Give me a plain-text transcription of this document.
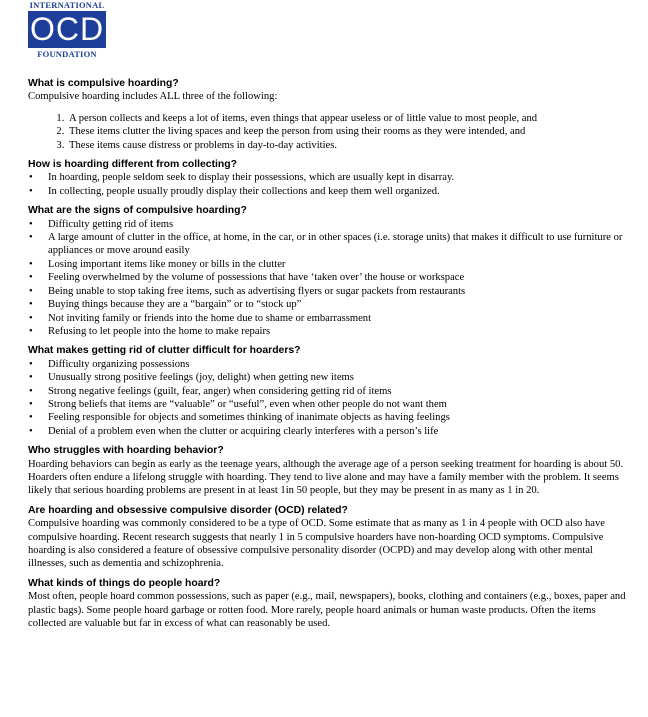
INTERNATIONAL
OCD
FOUNDATION
What is compulsive hoarding?

Compulsive hoarding includes ALL three of the following:

1. A person collects and keeps a lot of items, even things that appear useless or of little value to most people, and
2. These items clutter the living spaces and keep the person from using their rooms as they were intended, and
3. These items cause distress or problems in day-to-day activities.
How is hoarding different from collecting?
• In hoarding, people seldom seek to display their possessions, which are usually kept in disarray.
• In collecting, people usually proudly display their collections and keep them well organized.
What are the signs of compulsive hoarding?
• Difficulty getting rid of items
• A large amount of clutter in the office, at home, in the car, or in other spaces (i.e. storage units) that makes it difficult to use furniture or appliances or move around easily
• Losing important items like money or bills in the clutter
• Feeling overwhelmed by the volume of possessions that have ‘taken over’ the house or workspace
• Being unable to stop taking free items, such as advertising flyers or sugar packets from restaurants
• Buying things because they are a “bargain” or to “stock up”
• Not inviting family or friends into the home due to shame or embarrassment
• Refusing to let people into the home to make repairs
What makes getting rid of clutter difficult for hoarders?
• Difficulty organizing possessions
• Unusually strong positive feelings (joy, delight) when getting new items
• Strong negative feelings (guilt, fear, anger) when considering getting rid of items
• Strong beliefs that items are “valuable” or “useful”, even when other people do not want them
• Feeling responsible for objects and sometimes thinking of inanimate objects as having feelings
• Denial of a problem even when the clutter or acquiring clearly interferes with a person’s life
Who struggles with hoarding behavior?

Hoarding behaviors can begin as early as the teenage years, although the average age of a person seeking treatment for hoarding is about 50. Hoarders often endure a lifelong struggle with hoarding. They tend to live alone and may have a family member with the problem. It seems likely that serious hoarding problems are present in at least 1in 50 people, but they may be present in as many as 1 in 20.

Are hoarding and obsessive compulsive disorder (OCD) related?

Compulsive hoarding was commonly considered to be a type of OCD. Some estimate that as many as 1 in 4 people with OCD also have compulsive hoarding. Recent research suggests that nearly 1 in 5 compulsive hoarders have non-hoarding OCD symptoms. Compulsive hoarding is also considered a feature of obsessive compulsive personality disorder (OCPD) and may develop along with other mental illnesses, such as dementia and schizophrenia.

What kinds of things do people hoard?

Most often, people hoard common possessions, such as paper (e.g., mail, newspapers), books, clothing and containers (e.g., boxes, paper and plastic bags). Some people hoard garbage or rotten food. More rarely, people hoard animals or human waste products. Often the items collected are valuable but far in excess of what can reasonably be used.
